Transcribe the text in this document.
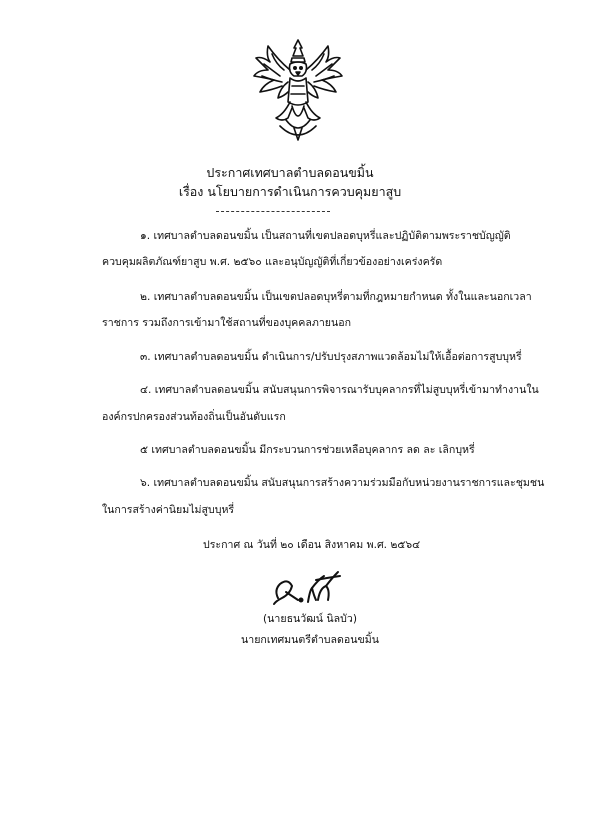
ประกาศเทศบาลตำบลดอนขมิ้น
เรื่อง นโยบายการดำเนินการควบคุมยาสูบ
๑. เทศบาลตำบลดอนขมิ้น เป็นสถานที่เขตปลอดบุหรี่และปฏิบัติตามพระราชบัญญัติ
ควบคุมผลิตภัณฑ์ยาสูบ พ.ศ. ๒๕๖๐ และอนุบัญญัติที่เกี่ยวข้องอย่างเคร่งครัด
๒. เทศบาลตำบลดอนขมิ้น เป็นเขตปลอดบุหรี่ตามที่กฎหมายกำหนด ทั้งในและนอกเวลา
ราชการ รวมถึงการเข้ามาใช้สถานที่ของบุคคลภายนอก
๓. เทศบาลตำบลดอนขมิ้น ดำเนินการ/ปรับปรุงสภาพแวดล้อมไม่ให้เอื้อต่อการสูบบุหรี่
๔. เทศบาลตำบลดอนขมิ้น สนับสนุนการพิจารณารับบุคลากรที่ไม่สูบบุหรี่เข้ามาทำงานใน
องค์กรปกครองส่วนท้องถิ่นเป็นอันดับแรก
๕ เทศบาลตำบลดอนขมิ้น มีกระบวนการช่วยเหลือบุคลากร ลด ละ เลิกบุหรี่
๖. เทศบาลตำบลดอนขมิ้น สนับสนุนการสร้างความร่วมมือกับหน่วยงานราชการและชุมชน
ในการสร้างค่านิยมไม่สูบบุหรี่
ประกาศ ณ วันที่ ๒๐ เดือน สิงหาคม พ.ศ. ๒๕๖๔
(นายธนวัฒน์ นิลบัว)
นายกเทศมนตรีตำบลดอนขมิ้น
